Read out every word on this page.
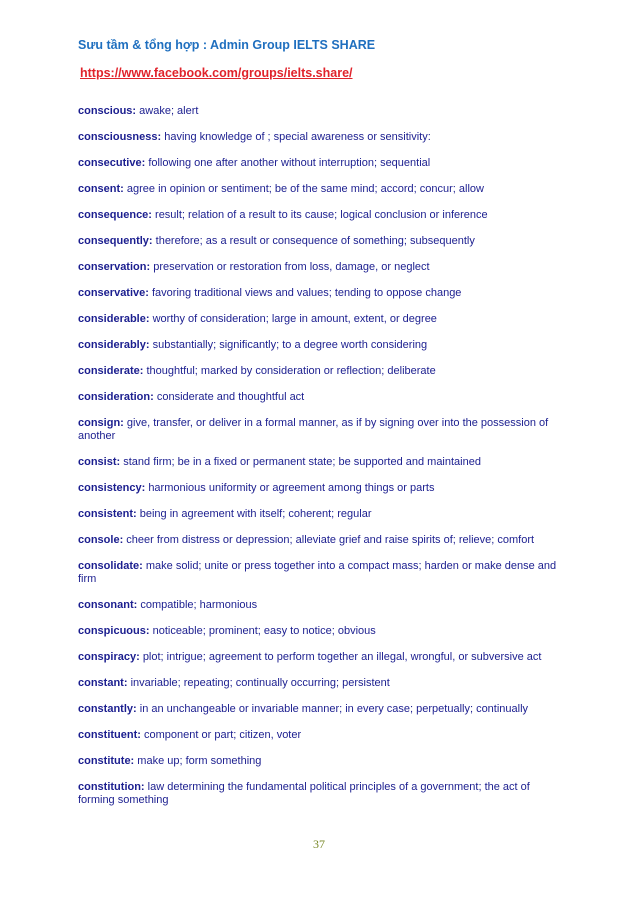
Sưu tầm & tổng hợp : Admin Group IELTS SHARE
https://www.facebook.com/groups/ielts.share/
conscious: awake; alert
consciousness: having knowledge of ; special awareness or sensitivity:
consecutive: following one after another without interruption; sequential
consent: agree in opinion or sentiment; be of the same mind; accord; concur; allow
consequence: result; relation of a result to its cause; logical conclusion or inference
consequently: therefore; as a result or consequence of something; subsequently
conservation: preservation or restoration from loss, damage, or neglect
conservative: favoring traditional views and values; tending to oppose change
considerable: worthy of consideration; large in amount, extent, or degree
considerably: substantially; significantly; to a degree worth considering
considerate: thoughtful; marked by consideration or reflection; deliberate
consideration: considerate and thoughtful act
consign: give, transfer, or deliver in a formal manner, as if by signing over into the possession of another
consist: stand firm; be in a fixed or permanent state; be supported and maintained
consistency: harmonious uniformity or agreement among things or parts
consistent: being in agreement with itself; coherent; regular
console: cheer from distress or depression; alleviate grief and raise spirits of; relieve; comfort
consolidate: make solid; unite or press together into a compact mass; harden or make dense and firm
consonant: compatible; harmonious
conspicuous: noticeable; prominent; easy to notice; obvious
conspiracy: plot; intrigue; agreement to perform together an illegal, wrongful, or subversive act
constant: invariable; repeating; continually occurring; persistent
constantly: in an unchangeable or invariable manner; in every case; perpetually; continually
constituent: component or part; citizen, voter
constitute: make up; form something
constitution: law determining the fundamental political principles of a government; the act of forming something
37
